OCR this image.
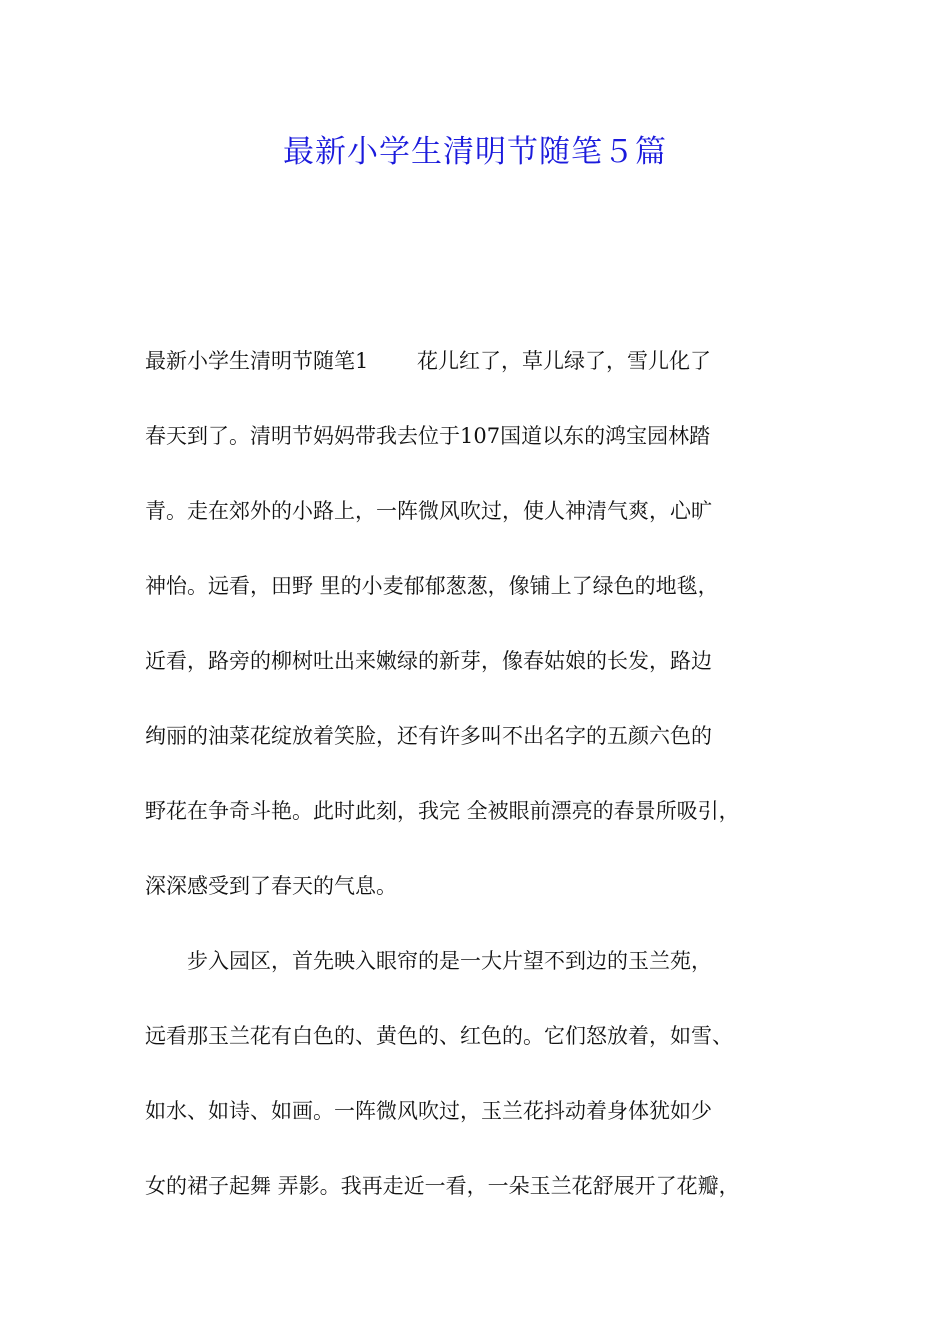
最新小学生清明节随笔５篇
最新小学生清明节随笔1　　 花儿红了，草儿绿了，雪儿化了
春天到了。清明节妈妈带我去位于107国道以东的鸿宝园林踏
青。走在郊外的小路上，一阵微风吹过，使人神清气爽，心旷
神怡。远看，田野 里的小麦郁郁葱葱，像铺上了绿色的地毯，
近看，路旁的柳树吐出来嫩绿的新芽，像春姑娘的长发，路边
绚丽的油菜花绽放着笑脸，还有许多叫不出名字的五颜六色的
野花在争奇斗艳。此时此刻，我完 全被眼前漂亮的春景所吸引，
深深感受到了春天的气息。
　　步入园区，首先映入眼帘的是一大片望不到边的玉兰苑，
远看那玉兰花有白色的、黄色的、红色的。它们怒放着，如雪、
如水、如诗、如画。一阵微风吹过，玉兰花抖动着身体犹如少
女的裙子起舞 弄影。我再走近一看，一朵玉兰花舒展开了花瓣，
